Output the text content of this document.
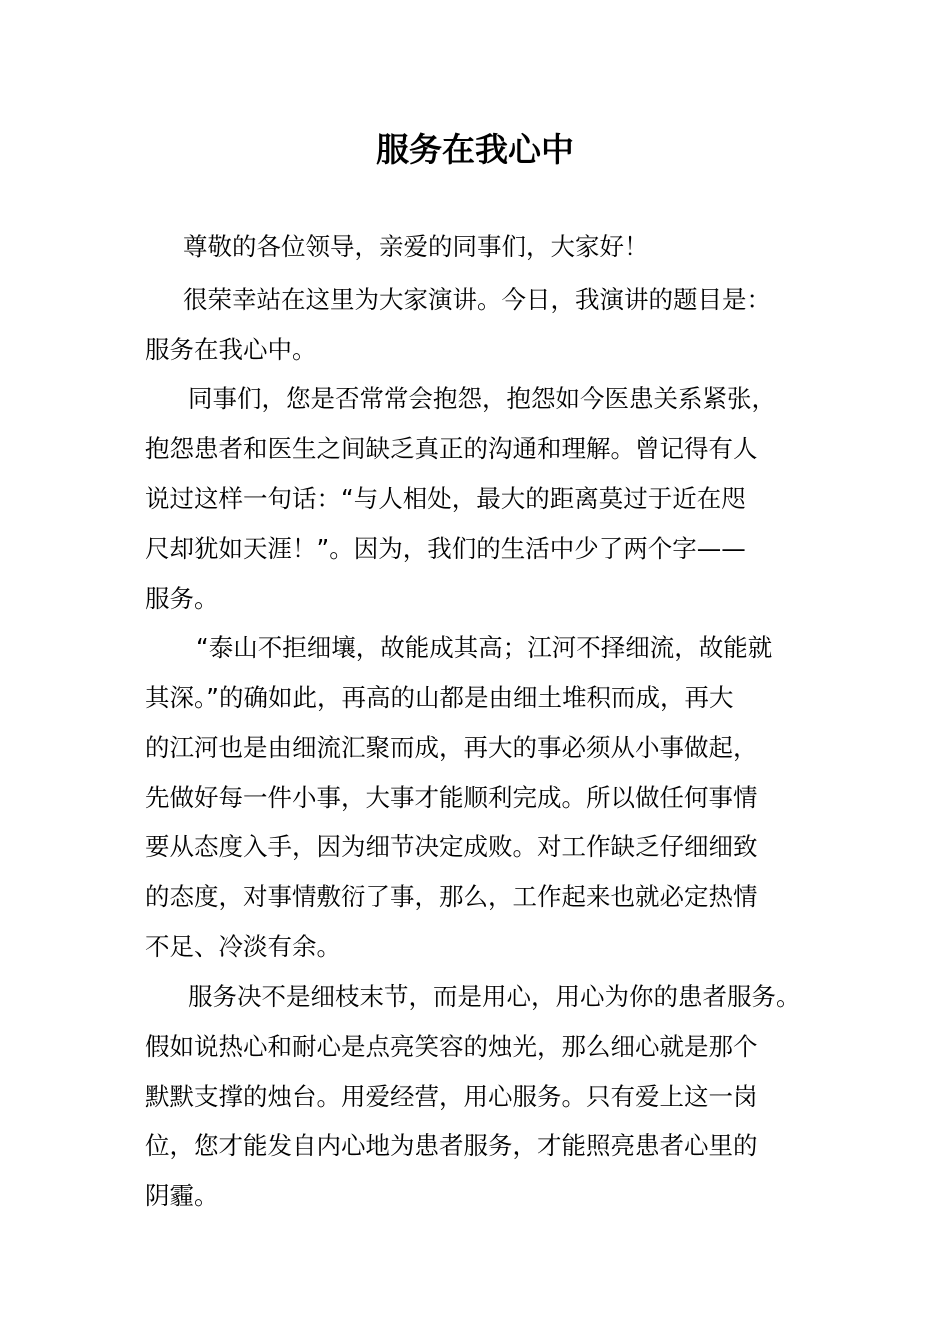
服务在我心中
尊敬的各位领导，亲爱的同事们，大家好！
很荣幸站在这里为大家演讲。今日，我演讲的题目是：
服务在我心中。
同事们，您是否常常会抱怨，抱怨如今医患关系紧张，
抱怨患者和医生之间缺乏真正的沟通和理解。曾记得有人
说过这样一句话：“与人相处，最大的距离莫过于近在咫
尺却犹如天涯！”。因为，我们的生活中少了两个字——
服务。
“泰山不拒细壤，故能成其高；江河不择细流，故能就
其深。”的确如此，再高的山都是由细土堆积而成，再大
的江河也是由细流汇聚而成，再大的事必须从小事做起，
先做好每一件小事，大事才能顺利完成。所以做任何事情
要从态度入手，因为细节决定成败。对工作缺乏仔细细致
的态度，对事情敷衍了事，那么，工作起来也就必定热情
不足、冷淡有余。
服务决不是细枝末节，而是用心，用心为你的患者服务。
假如说热心和耐心是点亮笑容的烛光，那么细心就是那个
默默支撑的烛台。用爱经营，用心服务。只有爱上这一岗
位，您才能发自内心地为患者服务，才能照亮患者心里的
阴霾。
